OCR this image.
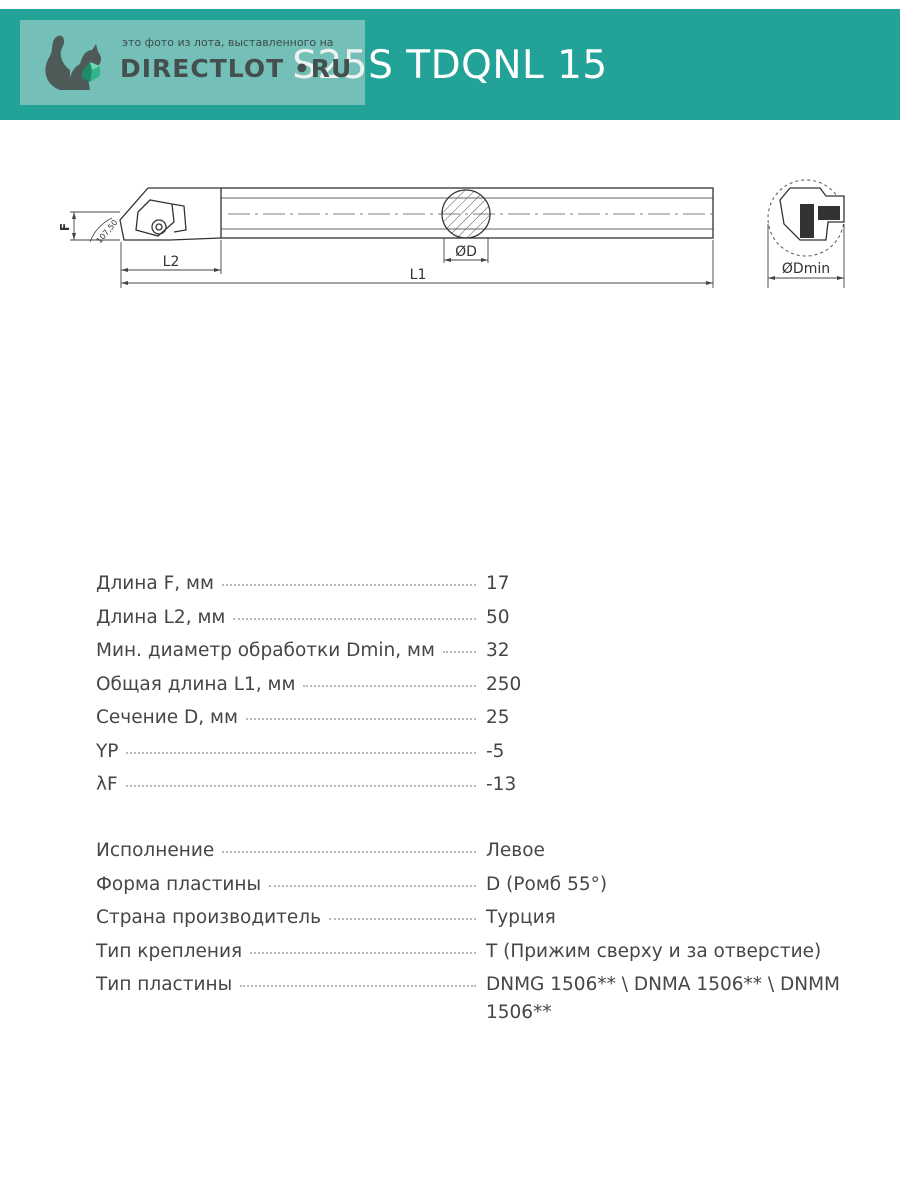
S25S TDQNL 15
это фото из лота, выставленного на
DIRECTLOT •RU
ØD
L2
L1
F	107,50
ØDmin
Длина F, мм	17
Длина L2, мм	50
Мин. диаметр обработки Dmin, мм	32
Общая длина L1, мм	250
Сечение D, мм	25
YP	-5
λF	-13
Исполнение	Левое
Форма пластины	D (Ромб 55°)
Страна производитель	Турция
Тип крепления	T (Прижим сверху и за отверстие)
Тип пластины	DNMG 1506** \ DNMA 1506** \ DNMM 1506**
